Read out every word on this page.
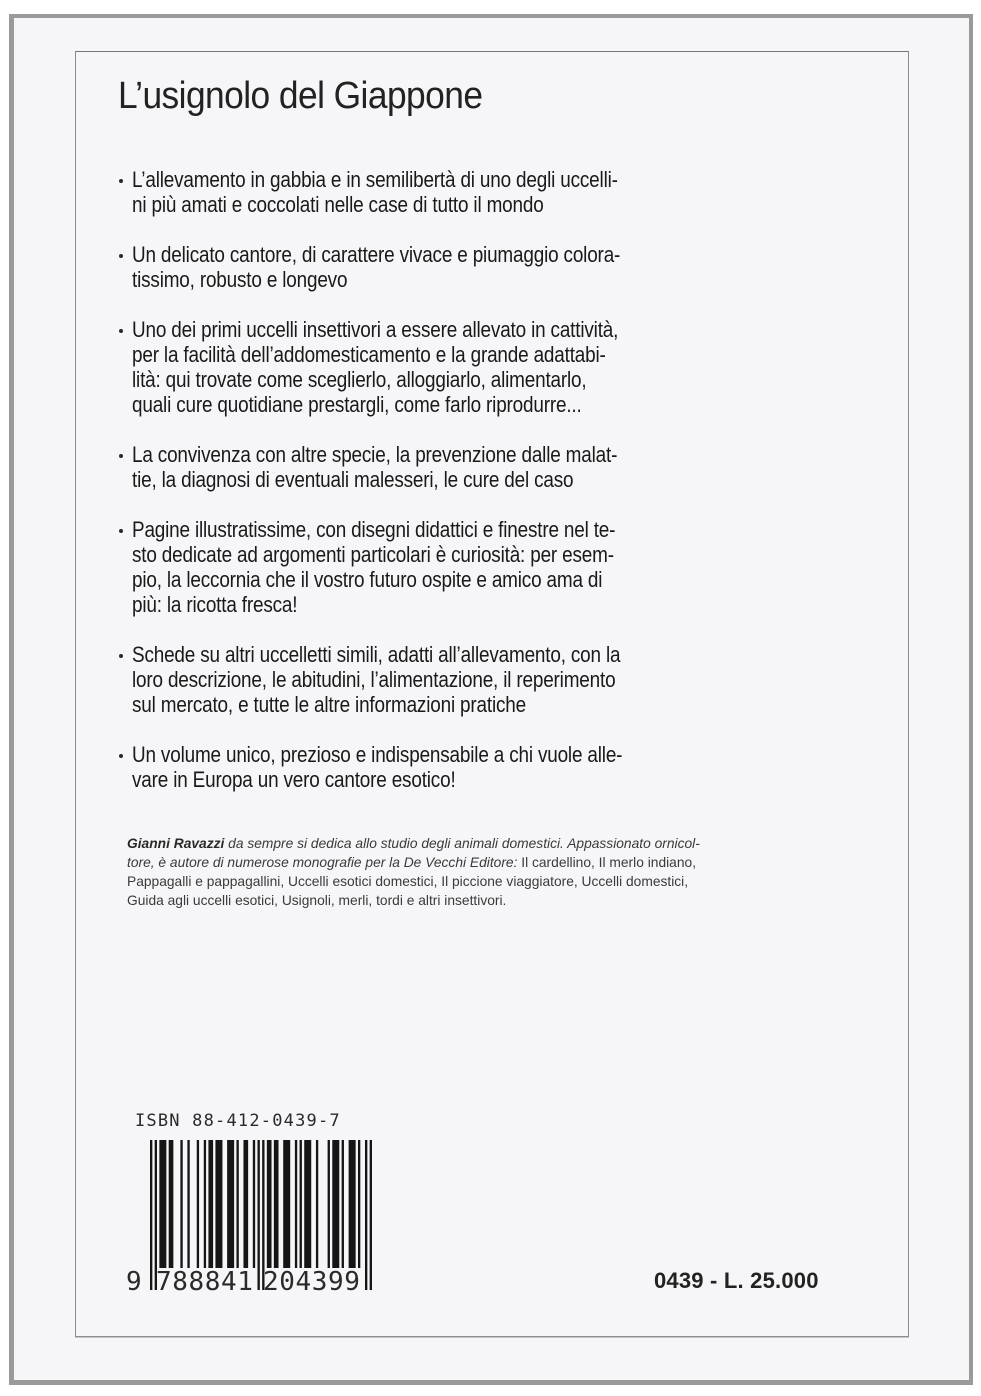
L’usignolo del Giappone
L’allevamento in gabbia e in semilibertà di uno degli uccelli-
ni più amati e coccolati nelle case di tutto il mondo
Un delicato cantore, di carattere vivace e piumaggio colora-
tissimo, robusto e longevo
Uno dei primi uccelli insettivori a essere allevato in cattività,
per la facilità dell’addomesticamento e la grande adattabi-
lità: qui trovate come sceglierlo, alloggiarlo, alimentarlo,
quali cure quotidiane prestargli, come farlo riprodurre...
La convivenza con altre specie, la prevenzione dalle malat-
tie, la diagnosi di eventuali malesseri, le cure del caso
Pagine illustratissime, con disegni didattici e finestre nel te-
sto dedicate ad argomenti particolari è curiosità: per esem-
pio, la leccornia che il vostro futuro ospite e amico ama di
più: la ricotta fresca!
Schede su altri uccelletti simili, adatti all’allevamento, con la
loro descrizione, le abitudini, l’alimentazione, il reperimento
sul mercato, e tutte le altre informazioni pratiche
Un volume unico, prezioso e indispensabile a chi vuole alle-
vare in Europa un vero cantore esotico!
Gianni Ravazzi da sempre si dedica allo studio degli animali domestici. Appassionato ornicol-
tore, è autore di numerose monografie per la De Vecchi Editore: Il cardellino, Il merlo indiano,
Pappagalli e pappagallini, Uccelli esotici domestici, Il piccione viaggiatore, Uccelli domestici,
Guida agli uccelli esotici, Usignoli, merli, tordi e altri insettivori.
ISBN 88-412-0439-7
9 788841 204399	0439 - L. 25.000
